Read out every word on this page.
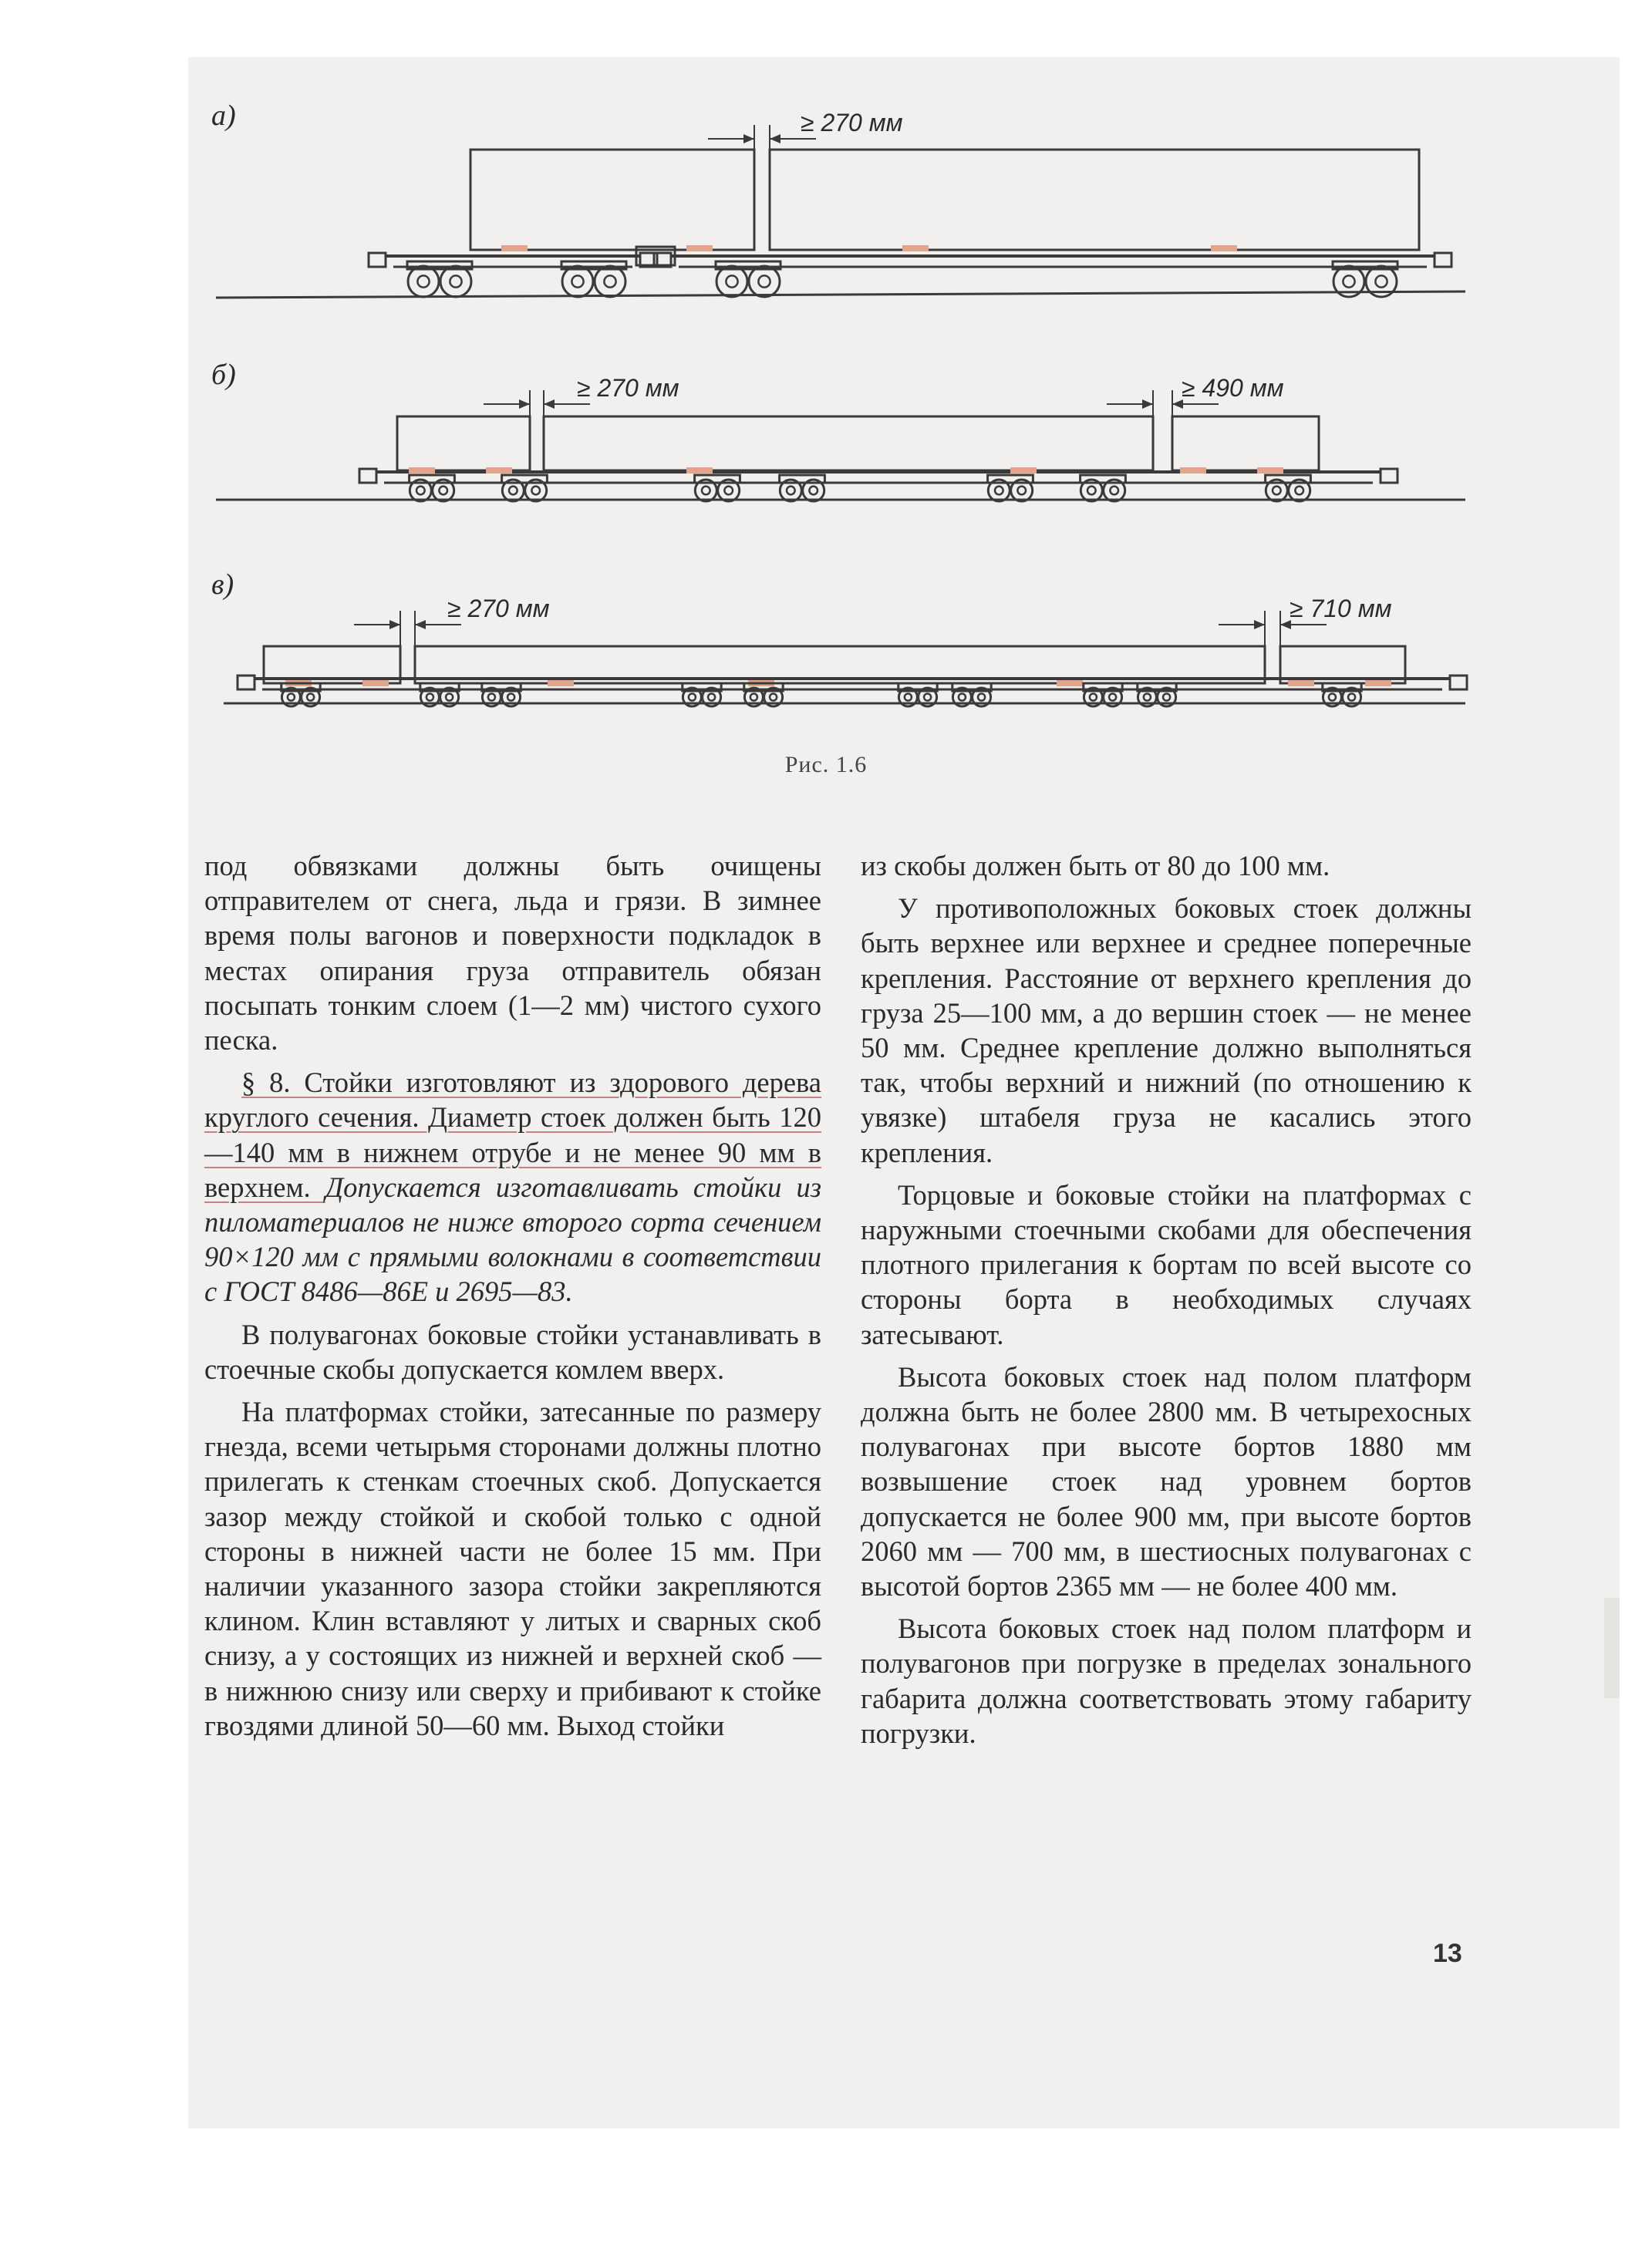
а)	≥ 270 мм
б)	≥ 270 мм	≥ 490 мм
в)
≥ 270 мм	≥ 710 мм
Рис. 1.6

под обвязками должны быть очищены отправителем от снега, льда и грязи. В зимнее время полы вагонов и поверхности подкладок в местах опирания груза отправитель обязан посыпать тонким слоем (1—2 мм) чистого сухого песка.

§ 8. Стойки изготовляют из здорового дерева круглого сечения. Диаметр стоек должен быть 120—140 мм в нижнем отрубе и не менее 90 мм в верхнем. Допускается изготавливать стойки из пиломатериалов не ниже второго сорта сечением 90×120 мм с прямыми волокнами в соответствии с ГОСТ 8486—86Е и 2695—83.

В полувагонах боковые стойки устанавливать в стоечные скобы допускается комлем вверх.

На платформах стойки, затесанные по размеру гнезда, всеми четырьмя сторонами должны плотно прилегать к стенкам стоечных скоб. Допускается зазор между стойкой и скобой только с одной стороны в нижней части не более 15 мм. При наличии указанного зазора стойки закрепляются клином. Клин вставляют у литых и сварных скоб снизу, а у состоящих из нижней и верхней скоб — в нижнюю снизу или сверху и прибивают к стойке гвоздями длиной 50—60 мм. Выход стойки

из скобы должен быть от 80 до 100 мм.

У противоположных боковых стоек должны быть верхнее или верхнее и среднее поперечные крепления. Расстояние от верхнего крепления до груза 25—100 мм, а до вершин стоек — не менее 50 мм. Среднее крепление должно выполняться так, чтобы верхний и нижний (по отношению к увязке) штабеля груза не касались этого крепления.

Торцовые и боковые стойки на платформах с наружными стоечными скобами для обеспечения плотного прилегания к бортам по всей высоте со стороны борта в необходимых случаях затесывают.

Высота боковых стоек над полом платформ должна быть не более 2800 мм. В четырехосных полувагонах при высоте бортов 1880 мм возвышение стоек над уровнем бортов допускается не более 900 мм, при высоте бортов 2060 мм — 700 мм, в шестиосных полувагонах с высотой бортов 2365 мм — не более 400 мм.

Высота боковых стоек над полом платформ и полувагонов при погрузке в пределах зонального габарита должна соответствовать этому габариту погрузки.

13
